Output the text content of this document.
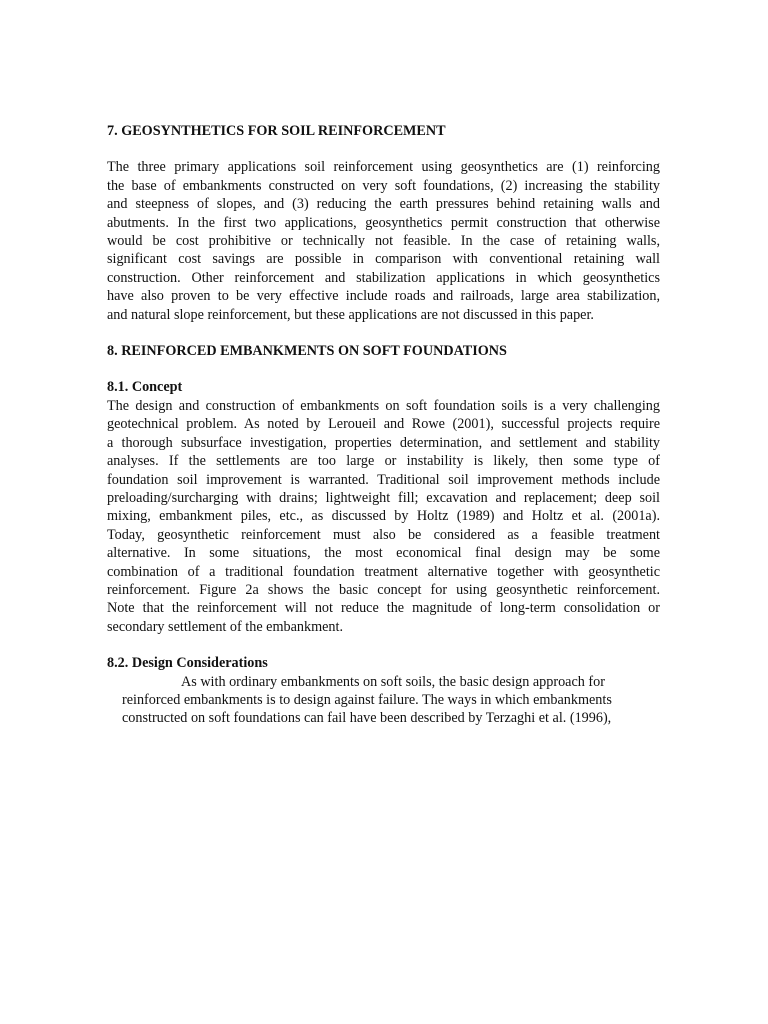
7. GEOSYNTHETICS FOR SOIL REINFORCEMENT

The three primary applications soil reinforcement using geosynthetics are (1) reinforcing
the base of embankments constructed on very soft foundations, (2) increasing the stability
and steepness of slopes, and (3) reducing the earth pressures behind retaining walls and
abutments. In the first two applications, geosynthetics permit construction that otherwise
would be cost prohibitive or technically not feasible. In the case of retaining walls,
significant cost savings are possible in comparison with conventional retaining wall
construction. Other reinforcement and stabilization applications in which geosynthetics
have also proven to be very effective include roads and railroads, large area stabilization,
and natural slope reinforcement, but these applications are not discussed in this paper.

8. REINFORCED EMBANKMENTS ON SOFT FOUNDATIONS

8.1. Concept

The design and construction of embankments on soft foundation soils is a very challenging
geotechnical problem. As noted by Leroueil and Rowe (2001), successful projects require
a thorough subsurface investigation, properties determination, and settlement and stability
analyses. If the settlements are too large or instability is likely, then some type of
foundation soil improvement is warranted. Traditional soil improvement methods include
preloading/surcharging with drains; lightweight fill; excavation and replacement; deep soil
mixing, embankment piles, etc., as discussed by Holtz (1989) and Holtz et al. (2001a).
Today, geosynthetic reinforcement must also be considered as a feasible treatment
alternative. In some situations, the most economical final design may be some
combination of a traditional foundation treatment alternative together with geosynthetic
reinforcement. Figure 2a shows the basic concept for using geosynthetic reinforcement.
Note that the reinforcement will not reduce the magnitude of long-term consolidation or
secondary settlement of the embankment.

8.2. Design Considerations

As with ordinary embankments on soft soils, the basic design approach for
reinforced embankments is to design against failure. The ways in which embankments
constructed on soft foundations can fail have been described by Terzaghi et al. (1996),
